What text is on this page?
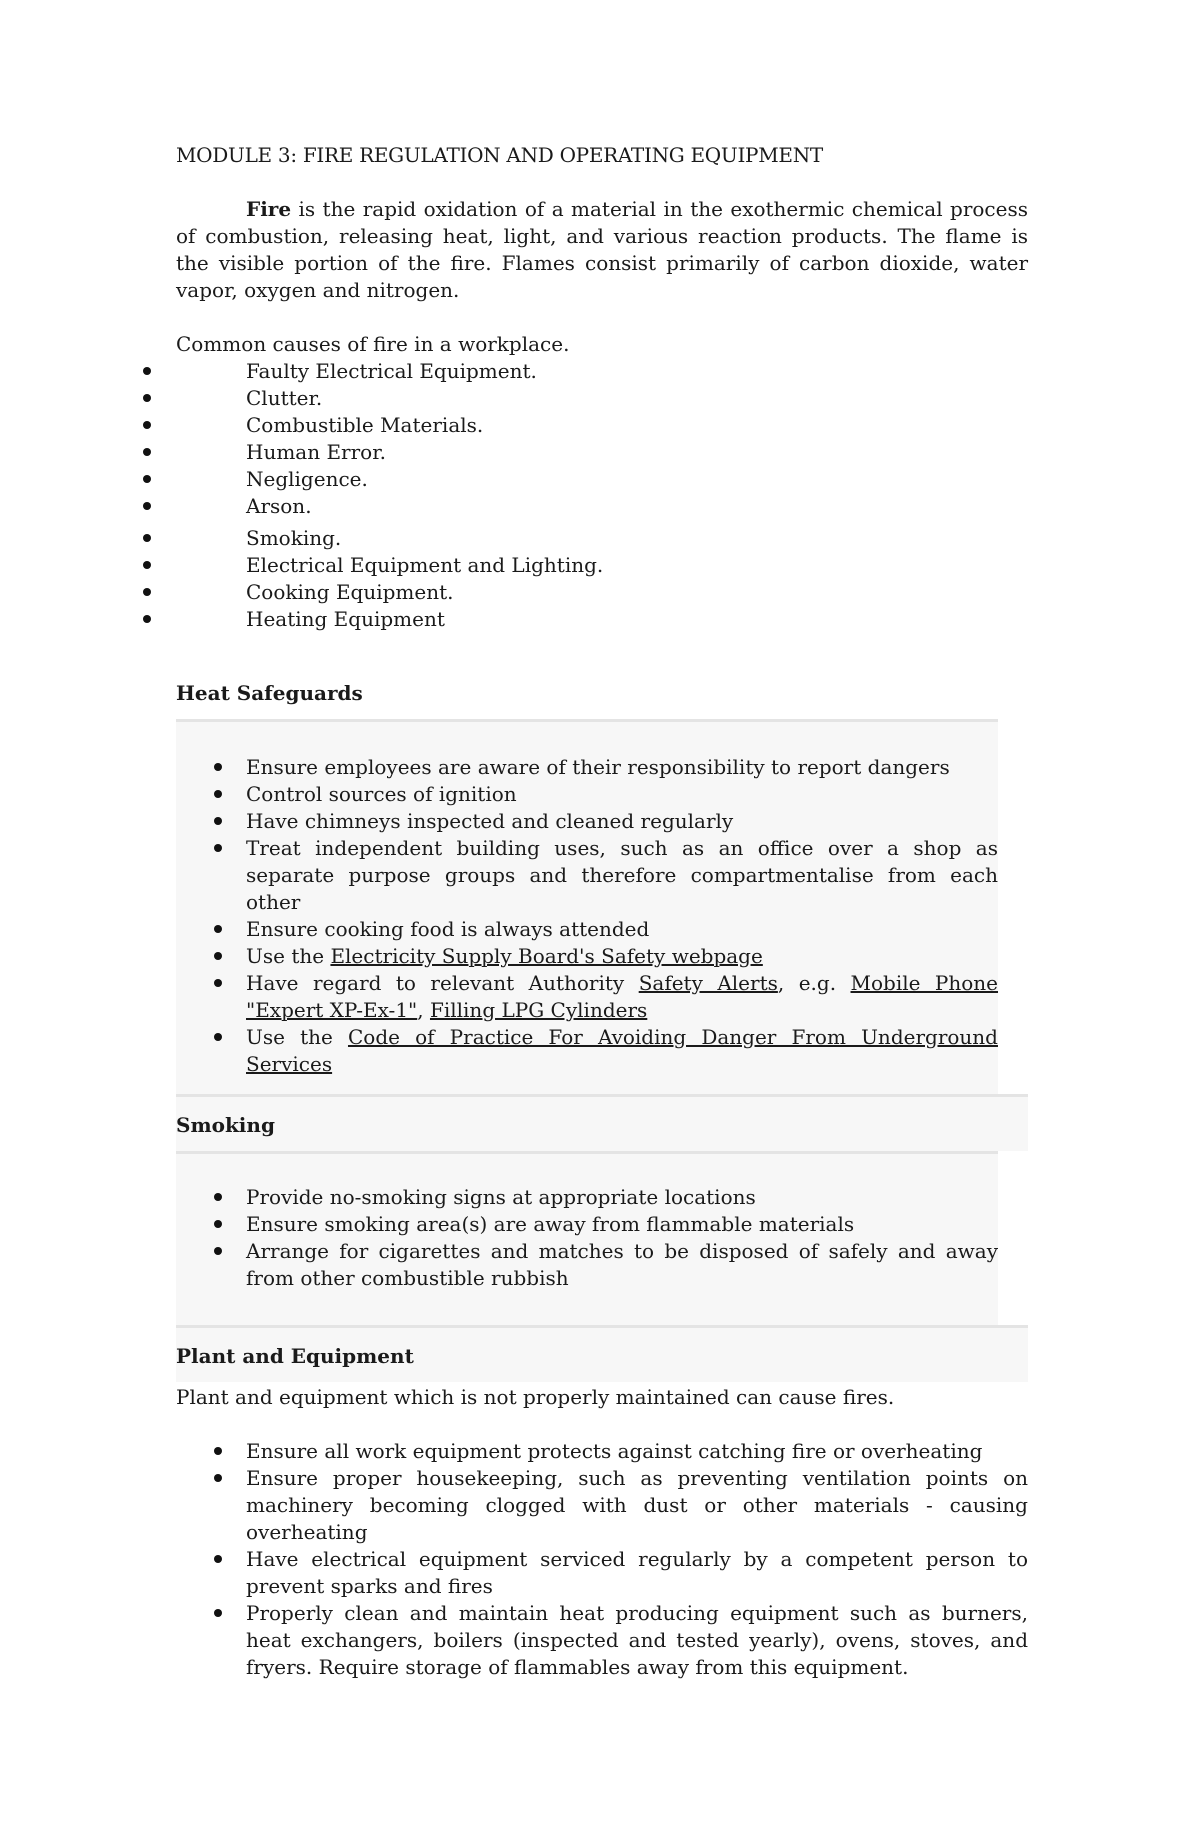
MODULE 3: FIRE REGULATION AND OPERATING EQUIPMENT

Fire is the rapid oxidation of a material in the exothermic chemical process of combustion, releasing heat, light, and various reaction products. The flame is the visible portion of the fire. Flames consist primarily of carbon dioxide, water vapor, oxygen and nitrogen.

Common causes of fire in a workplace.

Faulty Electrical Equipment.
Clutter.
Combustible Materials.
Human Error.
Negligence.
Arson.
Smoking.
Electrical Equipment and Lighting.
Cooking Equipment.
Heating Equipment
Heat Safeguards
Ensure employees are aware of their responsibility to report dangers
Control sources of ignition
Have chimneys inspected and cleaned regularly
Treat independent building uses, such as an office over a shop as separate purpose groups and therefore compartmentalise from each other
Ensure cooking food is always attended
Use the Electricity Supply Board's Safety webpage
Have regard to relevant Authority Safety Alerts, e.g. Mobile Phone "Expert XP-Ex-1", Filling LPG Cylinders
Use the Code of Practice For Avoiding Danger From Underground Services
Smoking
Provide no-smoking signs at appropriate locations
Ensure smoking area(s) are away from flammable materials
Arrange for cigarettes and matches to be disposed of safely and away from other combustible rubbish
Plant and Equipment

Plant and equipment which is not properly maintained can cause fires.

Ensure all work equipment protects against catching fire or overheating
Ensure proper housekeeping, such as preventing ventilation points on machinery becoming clogged with dust or other materials - causing overheating
Have electrical equipment serviced regularly by a competent person to prevent sparks and fires
Properly clean and maintain heat producing equipment such as burners, heat exchangers, boilers (inspected and tested yearly), ovens, stoves, and fryers. Require storage of flammables away from this equipment.
